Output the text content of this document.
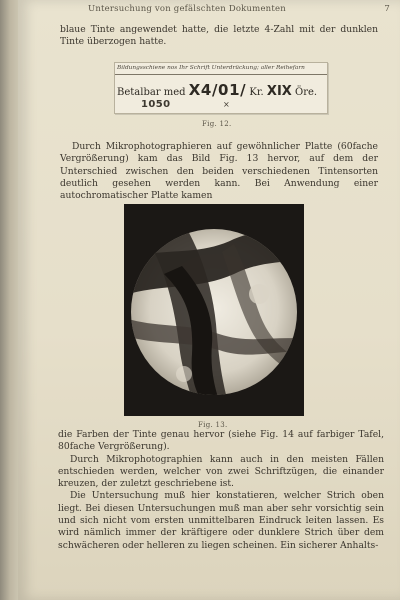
Untersuchung von gefälschten Dokumenten	7
blaue Tinte angewendet hatte, die letzte 4-Zahl mit der dunklen Tinte überzogen hatte.
Bildungsschiene nos Ihr Schrift Unterdrückung; aller Reihefarn
Betalbar med X4/01/ Kr. XIX Öre.
1050	×
Fig. 12.
Durch Mikrophotographieren auf gewöhnlicher Platte (60fache Vergrößerung) kam das Bild Fig. 13 hervor, auf dem der Unterschied zwischen den beiden verschiedenen Tintensorten deutlich gesehen werden kann. Bei Anwendung einer autochromatischer Platte kamen
Fig. 13.
die Farben der Tinte genau hervor (siehe Fig. 14 auf farbiger Tafel, 80fache Vergrößerung).
Durch Mikrophotographien kann auch in den meisten Fällen entschieden werden, welcher von zwei Schriftzügen, die einander kreuzen, der zuletzt geschriebene ist.
Die Untersuchung muß hier konstatieren, welcher Strich oben liegt. Bei diesen Untersuchungen muß man aber sehr vorsichtig sein und sich nicht vom ersten unmittelbaren Eindruck leiten lassen. Es wird nämlich immer der kräftigere oder dunklere Strich über dem schwächeren oder helleren zu liegen scheinen. Ein sicherer Anhalts-
